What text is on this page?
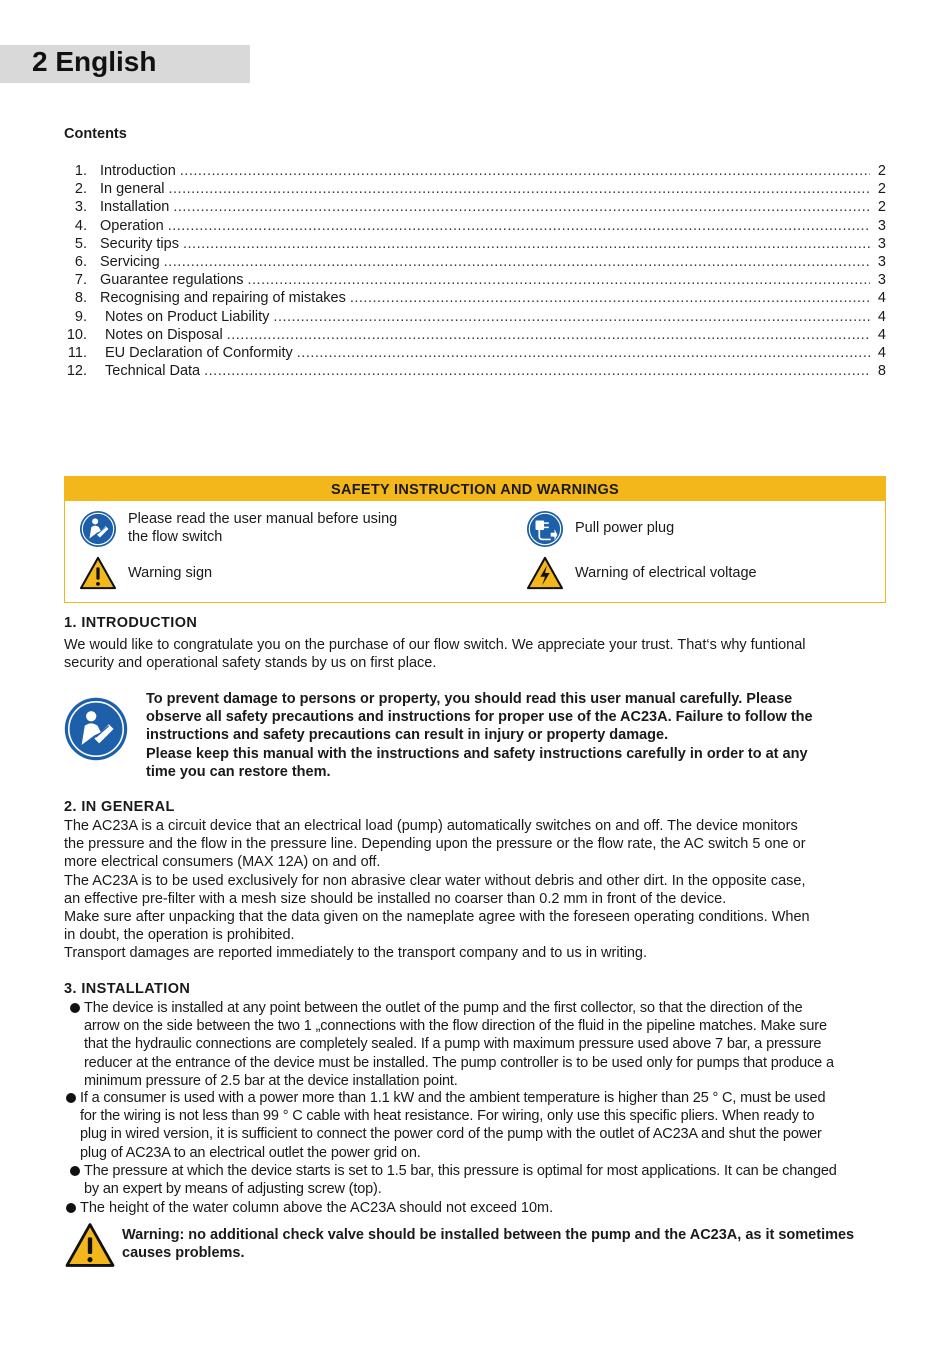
2 English
Contents
1. Introduction .....	2
2. In general .....	2
3. Installation .....	2
4. Operation .....	3
5. Security tips .....	3
6. Servicing .....	3
7. Guarantee regulations .....	3
8. Recognising and repairing of mistakes .....	4
9.	Notes on Product Liability .....	4
10.	Notes on Disposal .....	4
11.	EU Declaration of Conformity .....	4
12.	Technical Data .....	8
SAFETY INSTRUCTION AND WARNINGS
Please read the user manual before using
the flow switch
Pull power plug
Warning sign	Warning of electrical voltage
1. INTRODUCTION
We would like to congratulate you on the purchase of our flow switch. We appreciate your trust. That‘s why funtional
security and operational safety stands by us on first place.
To prevent damage to persons or property, you should read this user manual carefully. Please
observe all safety precautions and instructions for proper use of the AC23A. Failure to follow the
instructions and safety precautions can result in injury or property damage.
Please keep this manual with the instructions and safety instructions carefully in order to at any
time you can restore them.
2. IN GENERAL
The AC23A is a circuit device that an electrical load (pump) automatically switches on and off. The device monitors
the pressure and the flow in the pressure line. Depending upon the pressure or the flow rate, the AC switch 5 one or
more electrical consumers (MAX 12A) on and off.
The AC23A is to be used exclusively for non abrasive clear water without debris and other dirt. In the opposite case,
an effective pre-filter with a mesh size should be installed no coarser than 0.2 mm in front of the device.
Make sure after unpacking that the data given on the nameplate agree with the foreseen operating conditions. When
in doubt, the operation is prohibited.
Transport damages are reported immediately to the transport company and to us in writing.
3. INSTALLATION
The device is installed at any point between the outlet of the pump and the first collector, so that the direction of the
arrow on the side between the two 1 „connections with the flow direction of the fluid in the pipeline matches. Make sure
that the hydraulic connections are completely sealed. If a pump with maximum pressure used above 7 bar, a pressure
reducer at the entrance of the device must be installed. The pump controller is to be used only for pumps that produce a
minimum pressure of 2.5 bar at the device installation point.
If a consumer is used with a power more than 1.1 kW and the ambient temperature is higher than 25 ° C, must be used
for the wiring is not less than 99 ° C cable with heat resistance. For wiring, only use this specific pliers. When ready to
plug in wired version, it is sufficient to connect the power cord of the pump with the outlet of AC23A and shut the power
plug of AC23A to an electrical outlet the power grid on.
The pressure at which the device starts is set to 1.5 bar, this pressure is optimal for most applications. It can be changed
by an expert by means of adjusting screw (top).
The height of the water column above the AC23A should not exceed 10m.
Warning: no additional check valve should be installed between the pump and the AC23A, as it sometimes
causes problems.
